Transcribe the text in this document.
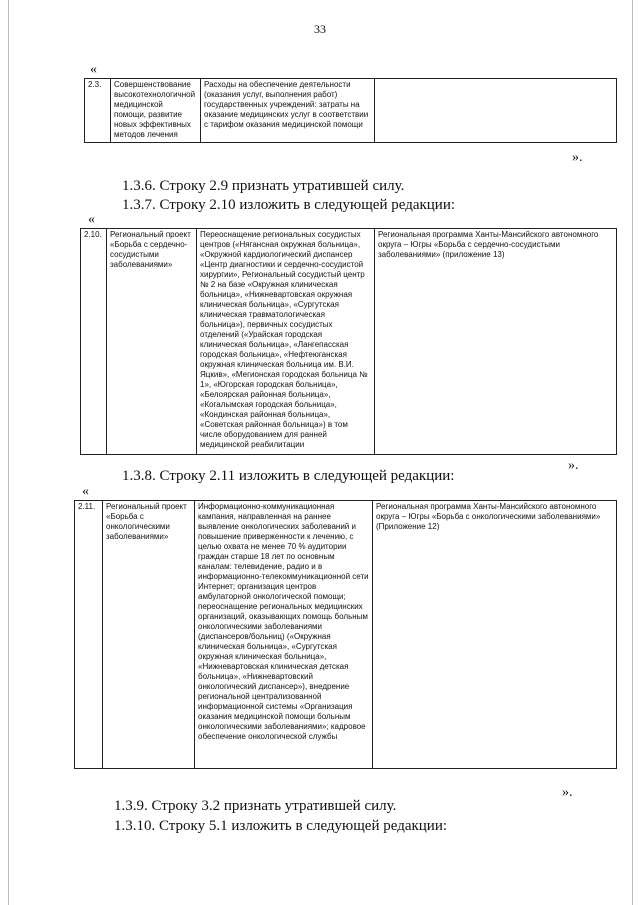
33
«
2.3.	Совершенствование высокотехнологичной медицинской помощи, развитие новых эффективных методов лечения	Расходы на обеспечение деятельности (оказания услуг, выполнения работ) государственных учреждений: затраты на оказание медицинских услуг в соответствии с тарифом оказания медицинской помощи	
».
1.3.6. Строку 2.9 признать утратившей силу.
1.3.7. Строку 2.10 изложить в следующей редакции:
«
2.10.	Региональный проект «Борьба с сердечно-сосудистыми заболеваниями»	Переоснащение региональных сосудистых центров («Нягансная окружная больница», «Окружной кардиологический диспансер «Центр диагностики и сердечно-сосудистой хирургии», Региональный сосудистый центр № 2 на базе «Окружная клиническая больница», «Нижневартовская окружная клиническая больница», «Сургутская клиническая травматологическая больница»), первичных сосудистых отделений («Урайская городская клиническая больница», «Лангепасская городская больница», «Нефтеюганская окружная клиническая больница им. В.И. Яцкив», «Мегионская городская больница № 1», «Югорская городская больница», «Белоярская районная больница», «Когалымская городская больница», «Кондинская районная больница», «Советская районная больница») в том числе оборудованием для ранней медицинской реабилитации	Региональная программа Ханты-Мансийского автономного округа – Югры «Борьба с сердечно-сосудистыми заболеваниями» (приложение 13)
».
1.3.8. Строку 2.11 изложить в следующей редакции:
«
2.11.	Региональный проект «Борьба с онкологическими заболеваниями»	Информационно-коммуникационная кампания, направленная на раннее выявление онкологических заболеваний и повышение приверженности к лечению, с целью охвата не менее 70 % аудитории граждан старше 18 лет по основным каналам: телевидение, радио и в информационно-телекоммуникационной сети Интернет; организация центров амбулаторной онкологической помощи; переоснащение региональных медицинских организаций, оказывающих помощь больным онкологическими заболеваниями (диспансеров/больниц) («Окружная клиническая больница», «Сургутская окружная клиническая больница», «Нижневартовская клиническая детская больница», «Нижневартовский онкологический диспансер»), внедрение региональной централизованной информационной системы «Организация оказания медицинской помощи больным онкологическими заболеваниями»; кадровое обеспечение онкологической службы	Региональная программа Ханты-Мансийского автономного округа – Югры «Борьба с онкологическими заболеваниями» (Приложение 12)
».
1.3.9. Строку 3.2 признать утратившей силу.
1.3.10. Строку 5.1 изложить в следующей редакции:
